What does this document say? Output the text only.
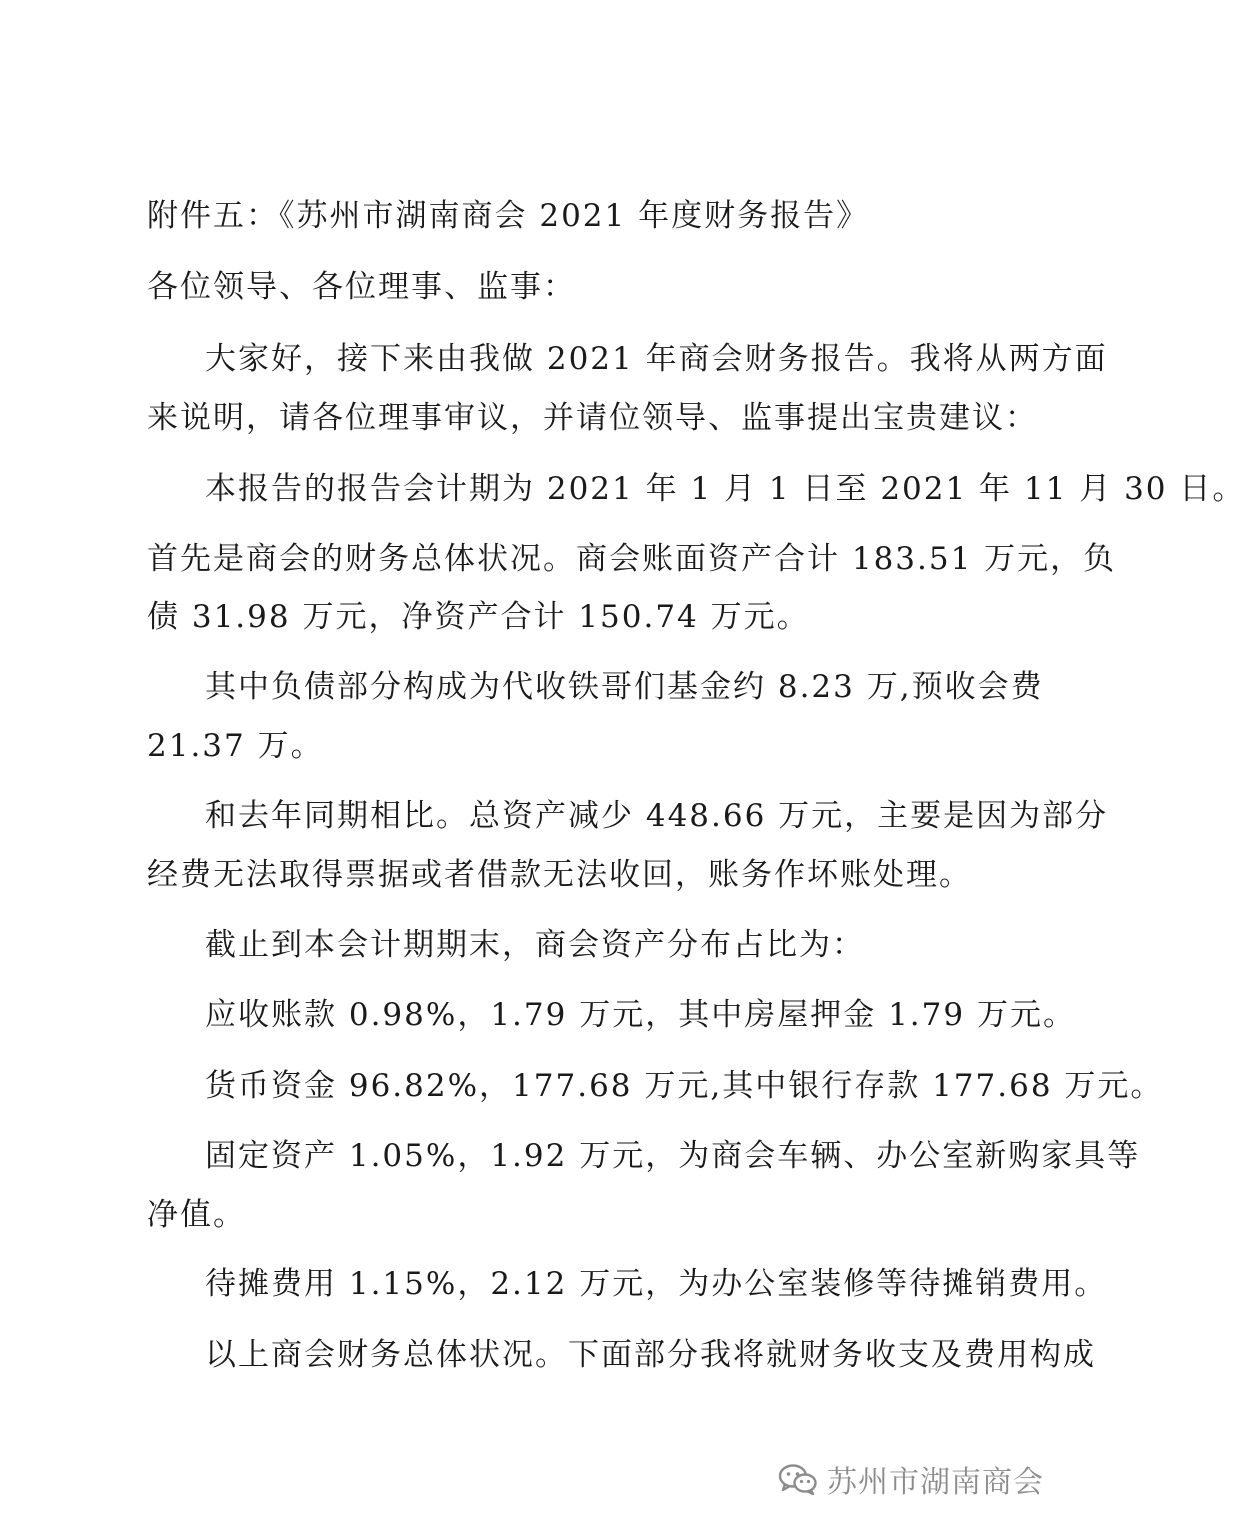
附件五：《苏州市湖南商会 2021 年度财务报告》
各位领导、各位理事、监事：
大家好，接下来由我做 2021 年商会财务报告。我将从两方面
来说明，请各位理事审议，并请位领导、监事提出宝贵建议：
本报告的报告会计期为 2021 年 1 月 1 日至 2021 年 11 月 30 日。
首先是商会的财务总体状况。商会账面资产合计 183.51 万元，负
债 31.98 万元，净资产合计 150.74 万元。
其中负债部分构成为代收铁哥们基金约 8.23 万,预收会费
21.37 万。
和去年同期相比。总资产减少 448.66 万元，主要是因为部分
经费无法取得票据或者借款无法收回，账务作坏账处理。
截止到本会计期期末，商会资产分布占比为：
应收账款 0.98%，1.79 万元，其中房屋押金 1.79 万元。
货币资金 96.82%，177.68 万元,其中银行存款 177.68 万元。
固定资产 1.05%，1.92 万元，为商会车辆、办公室新购家具等
净值。
待摊费用 1.15%，2.12 万元，为办公室装修等待摊销费用。
以上商会财务总体状况。下面部分我将就财务收支及费用构成
苏州市湖南商会
